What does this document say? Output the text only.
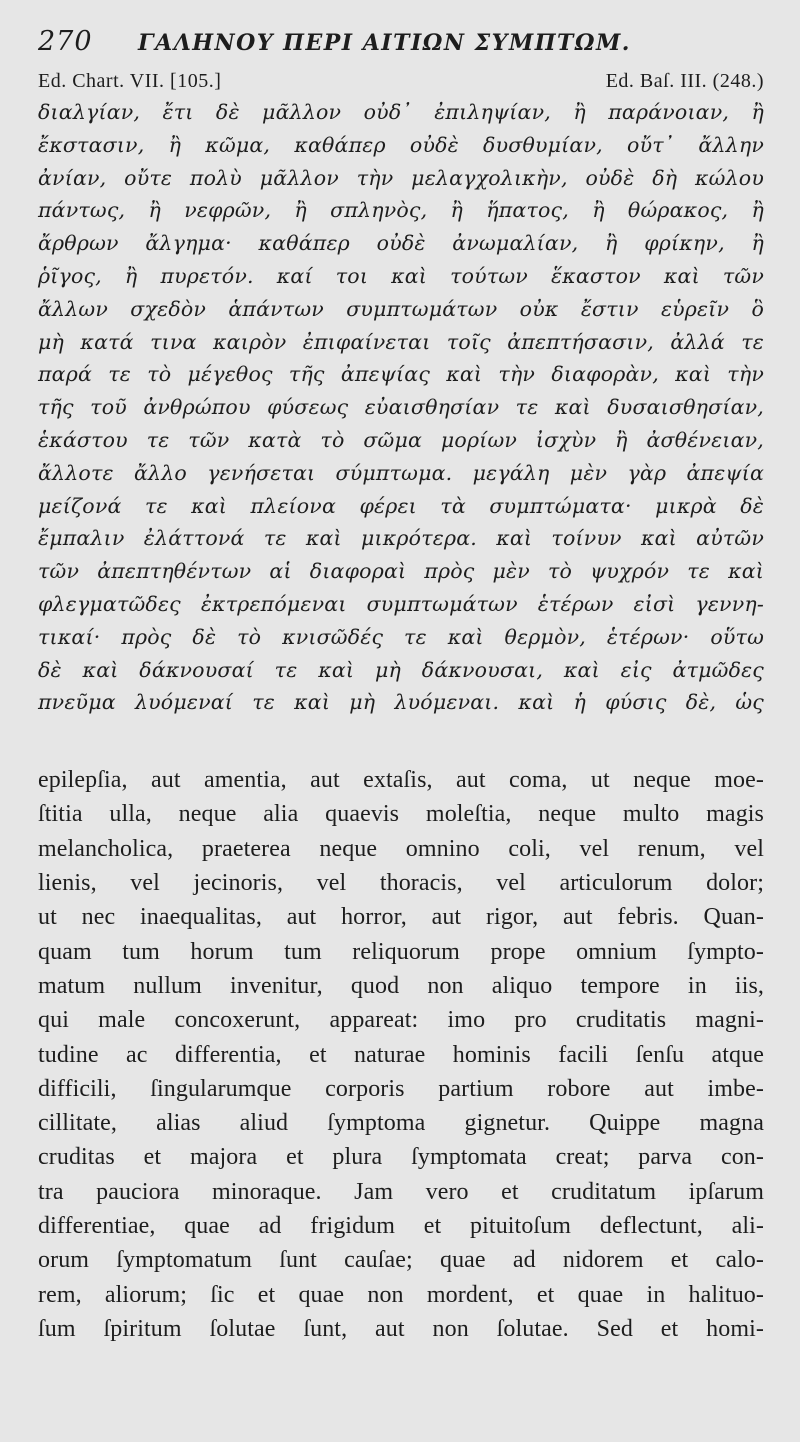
270	ΓΑΛΗΝΟΥ ΠΕΡΙ ΑΙΤΙΩΝ ΣΥΜΠΤΩΜ.
Ed. Chart. VII. [105.]	Ed. Baſ. III. (248.)
διαλγίαν, ἔτι δὲ μᾶλλον οὐδ᾽ ἐπιληψίαν, ἢ παράνοιαν, ἢ
ἔκστασιν, ἢ κῶμα, καθάπερ οὐδὲ δυσθυμίαν, οὔτ᾽ ἄλλην
ἀνίαν, οὔτε πολὺ μᾶλλον τὴν μελαγχολικὴν, οὐδὲ δὴ κώλου
πάντως, ἢ νεφρῶν, ἢ σπληνὸς, ἢ ἥπατος, ἢ θώρακος, ἢ
ἄρθρων ἄλγημα· καθάπερ οὐδὲ ἀνωμαλίαν, ἢ φρίκην, ἢ
ῥῖγος, ἢ πυρετόν. καί τοι καὶ τούτων ἕκαστον καὶ τῶν
ἄλλων σχεδὸν ἁπάντων συμπτωμάτων οὐκ ἔστιν εὑρεῖν ὃ
μὴ κατά τινα καιρὸν ἐπιφαίνεται τοῖς ἀπεπτήσασιν, ἀλλά τε
παρά τε τὸ μέγεθος τῆς ἀπεψίας καὶ τὴν διαφορὰν, καὶ τὴν
τῆς τοῦ ἀνθρώπου φύσεως εὐαισθησίαν τε καὶ δυσαισθησίαν,
ἑκάστου τε τῶν κατὰ τὸ σῶμα μορίων ἰσχὺν ἢ ἀσθένειαν,
ἄλλοτε ἄλλο γενήσεται σύμπτωμα. μεγάλη μὲν γὰρ ἀπεψία
μείζονά τε καὶ πλείονα φέρει τὰ συμπτώματα· μικρὰ δὲ
ἔμπαλιν ἐλάττονά τε καὶ μικρότερα. καὶ τοίνυν καὶ αὐτῶν
τῶν ἀπεπτηθέντων αἱ διαφοραὶ πρὸς μὲν τὸ ψυχρόν τε καὶ
φλεγματῶδες ἐκτρεπόμεναι συμπτωμάτων ἑτέρων εἰσὶ γεννη-
τικαί· πρὸς δὲ τὸ κνισῶδές τε καὶ θερμὸν, ἑτέρων· οὕτω
δὲ καὶ δάκνουσαί τε καὶ μὴ δάκνουσαι, καὶ εἰς ἀτμῶδες
πνεῦμα λυόμεναί τε καὶ μὴ λυόμεναι. καὶ ἡ φύσις δὲ, ὡς
epilepſia, aut amentia, aut extaſis, aut coma, ut neque moe-
ſtitia ulla, neque alia quaevis moleſtia, neque multo magis
melancholica, praeterea neque omnino coli, vel renum, vel
lienis, vel jecinoris, vel thoracis, vel articulorum dolor;
ut nec inaequalitas, aut horror, aut rigor, aut febris. Quan-
quam tum horum tum reliquorum prope omnium ſympto-
matum nullum invenitur, quod non aliquo tempore in iis,
qui male concoxerunt, appareat: imo pro cruditatis magni-
tudine ac differentia, et naturae hominis facili ſenſu atque
difficili, ſingularumque corporis partium robore aut imbe-
cillitate, alias aliud ſymptoma gignetur. Quippe magna
cruditas et majora et plura ſymptomata creat; parva con-
tra pauciora minoraque. Jam vero et cruditatum ipſarum
differentiae, quae ad frigidum et pituitoſum deflectunt, ali-
orum ſymptomatum ſunt cauſae; quae ad nidorem et calo-
rem, aliorum; ſic et quae non mordent, et quae in halituo-
ſum ſpiritum ſolutae ſunt, aut non ſolutae. Sed et homi-
